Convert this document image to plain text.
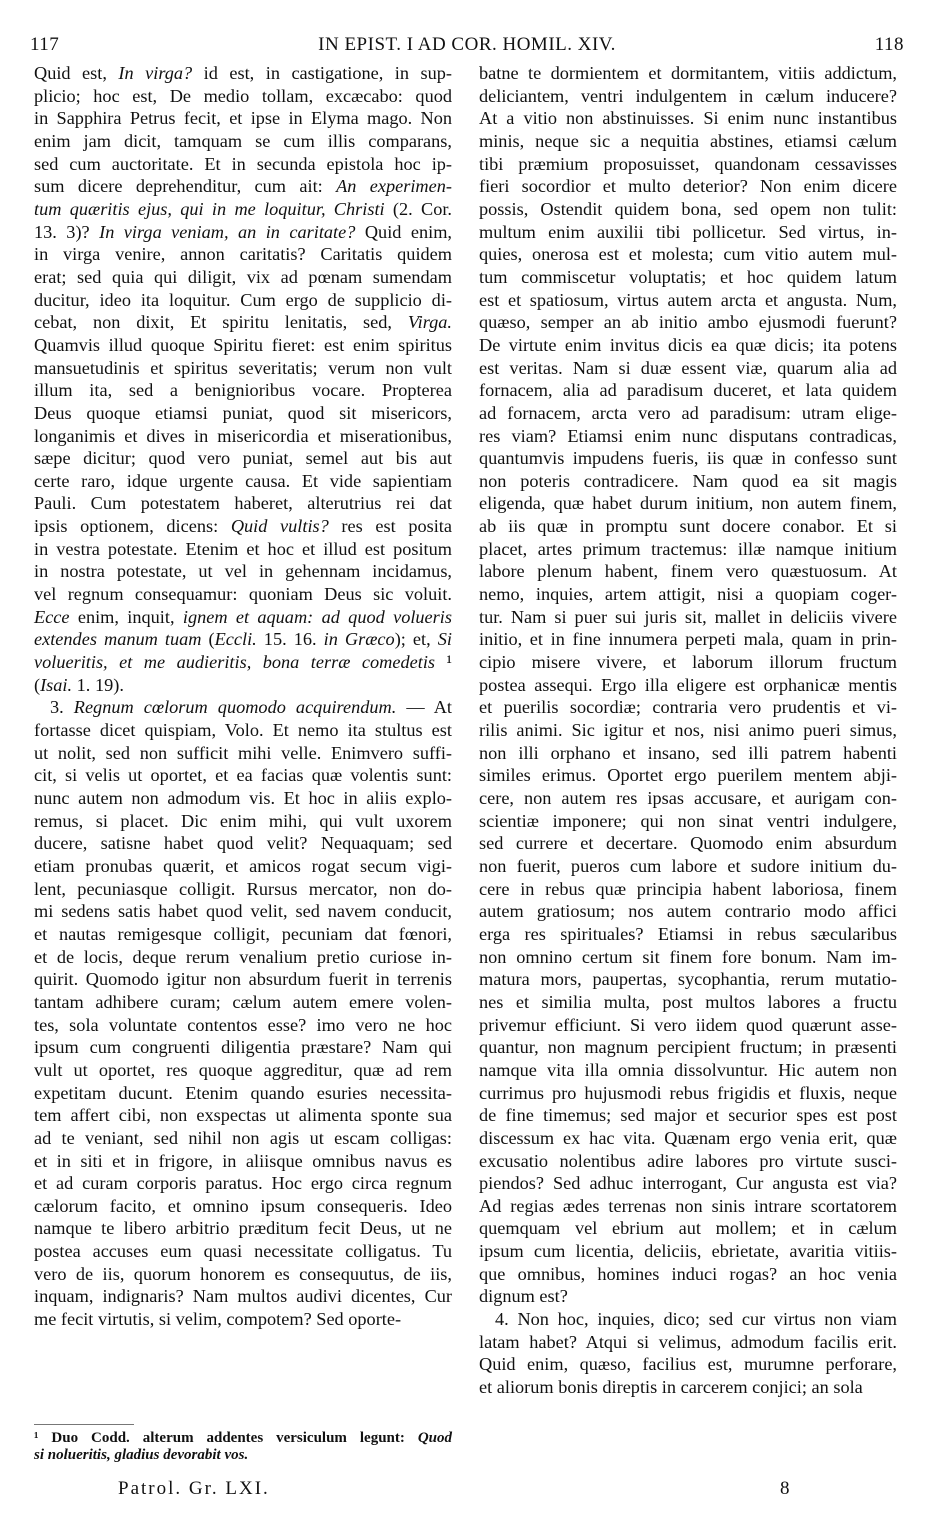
117	IN EPIST. I AD COR. HOMIL. XIV.	118
Quid est, In virga? id est, in castigatione, in sup-
plicio; hoc est, De medio tollam, excæcabo: quod
in Sapphira Petrus fecit, et ipse in Elyma mago. Non
enim jam dicit, tamquam se cum illis comparans,
sed cum auctoritate. Et in secunda epistola hoc ip-
sum dicere deprehenditur, cum ait: An experimen-
tum quæritis ejus, qui in me loquitur, Christi (2. Cor.
13. 3)? In virga veniam, an in caritate? Quid enim,
in virga venire, annon caritatis? Caritatis quidem
erat; sed quia qui diligit, vix ad pœnam sumendam
ducitur, ideo ita loquitur. Cum ergo de supplicio di-
cebat, non dixit, Et spiritu lenitatis, sed, Virga.
Quamvis illud quoque Spiritu fieret: est enim spiritus
mansuetudinis et spiritus severitatis; verum non vult
illum ita, sed a benignioribus vocare. Propterea
Deus quoque etiamsi puniat, quod sit misericors,
longanimis et dives in misericordia et miserationibus,
sæpe dicitur; quod vero puniat, semel aut bis aut
certe raro, idque urgente causa. Et vide sapientiam
Pauli. Cum potestatem haberet, alterutrius rei dat
ipsis optionem, dicens: Quid vultis? res est posita
in vestra potestate. Etenim et hoc et illud est positum
in nostra potestate, ut vel in gehennam incidamus,
vel regnum consequamur: quoniam Deus sic voluit.
Ecce enim, inquit, ignem et aquam: ad quod volueris
extendes manum tuam (Eccli. 15. 16. in Græco); et, Si
volueritis, et me audieritis, bona terræ comedetis ¹
(Isai. 1. 19).
3. Regnum cœlorum quomodo acquirendum. — At
fortasse dicet quispiam, Volo. Et nemo ita stultus est
ut nolit, sed non sufficit mihi velle. Enimvero suffi-
cit, si velis ut oportet, et ea facias quæ volentis sunt:
nunc autem non admodum vis. Et hoc in aliis explo-
remus, si placet. Dic enim mihi, qui vult uxorem
ducere, satisne habet quod velit? Nequaquam; sed
etiam pronubas quærit, et amicos rogat secum vigi-
lent, pecuniasque colligit. Rursus mercator, non do-
mi sedens satis habet quod velit, sed navem conducit,
et nautas remigesque colligit, pecuniam dat fœnori,
et de locis, deque rerum venalium pretio curiose in-
quirit. Quomodo igitur non absurdum fuerit in terrenis
tantam adhibere curam; cælum autem emere volen-
tes, sola voluntate contentos esse? imo vero ne hoc
ipsum cum congruenti diligentia præstare? Nam qui
vult ut oportet, res quoque aggreditur, quæ ad rem
expetitam ducunt. Etenim quando esuries necessita-
tem affert cibi, non exspectas ut alimenta sponte sua
ad te veniant, sed nihil non agis ut escam colligas:
et in siti et in frigore, in aliisque omnibus navus es
et ad curam corporis paratus. Hoc ergo circa regnum
cælorum facito, et omnino ipsum consequeris. Ideo
namque te libero arbitrio præditum fecit Deus, ut ne
postea accuses eum quasi necessitate colligatus. Tu
vero de iis, quorum honorem es consequutus, de iis,
inquam, indignaris? Nam multos audivi dicentes, Cur
me fecit virtutis, si velim, compotem? Sed oporte-
batne te dormientem et dormitantem, vitiis addictum,
deliciantem, ventri indulgentem in cælum inducere?
At a vitio non abstinuisses. Si enim nunc instantibus
minis, neque sic a nequitia abstines, etiamsi cælum
tibi præmium proposuisset, quandonam cessavisses
fieri socordior et multo deterior? Non enim dicere
possis, Ostendit quidem bona, sed opem non tulit:
multum enim auxilii tibi pollicetur. Sed virtus, in-
quies, onerosa est et molesta; cum vitio autem mul-
tum commiscetur voluptatis; et hoc quidem latum
est et spatiosum, virtus autem arcta et angusta. Num,
quæso, semper an ab initio ambo ejusmodi fuerunt?
De virtute enim invitus dicis ea quæ dicis; ita potens
est veritas. Nam si duæ essent viæ, quarum alia ad
fornacem, alia ad paradisum duceret, et lata quidem
ad fornacem, arcta vero ad paradisum: utram elige-
res viam? Etiamsi enim nunc disputans contradicas,
quantumvis impudens fueris, iis quæ in confesso sunt
non poteris contradicere. Nam quod ea sit magis
eligenda, quæ habet durum initium, non autem finem,
ab iis quæ in promptu sunt docere conabor. Et si
placet, artes primum tractemus: illæ namque initium
labore plenum habent, finem vero quæstuosum. At
nemo, inquies, artem attigit, nisi a quopiam coger-
tur. Nam si puer sui juris sit, mallet in deliciis vivere
initio, et in fine innumera perpeti mala, quam in prin-
cipio misere vivere, et laborum illorum fructum
postea assequi. Ergo illa eligere est orphanicæ mentis
et puerilis socordiæ; contraria vero prudentis et vi-
rilis animi. Sic igitur et nos, nisi animo pueri simus,
non illi orphano et insano, sed illi patrem habenti
similes erimus. Oportet ergo puerilem mentem abji-
cere, non autem res ipsas accusare, et aurigam con-
scientiæ imponere; qui non sinat ventri indulgere,
sed currere et decertare. Quomodo enim absurdum
non fuerit, pueros cum labore et sudore initium du-
cere in rebus quæ principia habent laboriosa, finem
autem gratiosum; nos autem contrario modo affici
erga res spirituales? Etiamsi in rebus sæcularibus
non omnino certum sit finem fore bonum. Nam im-
matura mors, paupertas, sycophantia, rerum mutatio-
nes et similia multa, post multos labores a fructu
privemur efficiunt. Si vero iidem quod quærunt asse-
quantur, non magnum percipient fructum; in præsenti
namque vita illa omnia dissolvuntur. Hic autem non
currimus pro hujusmodi rebus frigidis et fluxis, neque
de fine timemus; sed major et securior spes est post
discessum ex hac vita. Quænam ergo venia erit, quæ
excusatio nolentibus adire labores pro virtute susci-
piendos? Sed adhuc interrogant, Cur angusta est via?
Ad regias ædes terrenas non sinis intrare scortatorem
quemquam vel ebrium aut mollem; et in cælum
ipsum cum licentia, deliciis, ebrietate, avaritia vitiis-
que omnibus, homines induci rogas? an hoc venia
dignum est?
4. Non hoc, inquies, dico; sed cur virtus non viam
latam habet? Atqui si velimus, admodum facilis erit.
Quid enim, quæso, facilius est, murumne perforare,
et aliorum bonis direptis in carcerem conjici; an sola
¹ Duo Codd. alterum addentes versiculum legunt: Quod
si nolueritis, gladius devorabit vos.
Patrol. Gr. LXI.	8
